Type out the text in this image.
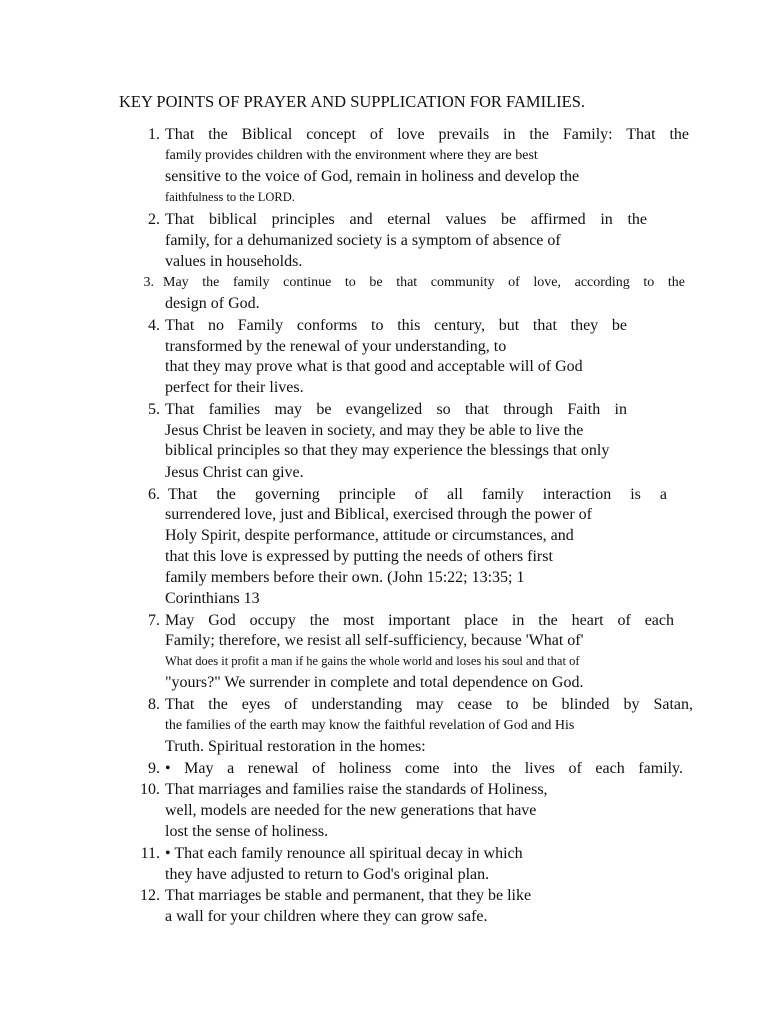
KEY POINTS OF PRAYER AND SUPPLICATION FOR FAMILIES.
1. That the Biblical concept of love prevails in the Family: That the
family provides children with the environment where they are best
sensitive to the voice of God, remain in holiness and develop the
faithfulness to the LORD.
2. That biblical principles and eternal values be affirmed in the
family, for a dehumanized society is a symptom of absence of
values in households.
3. May the family continue to be that community of love, according to the
design of God.
4. That no Family conforms to this century, but that they be
transformed by the renewal of your understanding, to
that they may prove what is that good and acceptable will of God
perfect for their lives.
5. That families may be evangelized so that through Faith in
Jesus Christ be leaven in society, and may they be able to live the
biblical principles so that they may experience the blessings that only
Jesus Christ can give.
6. That the governing principle of all family interaction is a
surrendered love, just and Biblical, exercised through the power of
Holy Spirit, despite performance, attitude or circumstances, and
that this love is expressed by putting the needs of others first
family members before their own. (John 15:22; 13:35; 1
Corinthians 13
7. May God occupy the most important place in the heart of each
Family; therefore, we resist all self-sufficiency, because 'What of'
What does it profit a man if he gains the whole world and loses his soul and that of
"yours?" We surrender in complete and total dependence on God.
8. That the eyes of understanding may cease to be blinded by Satan,
the families of the earth may know the faithful revelation of God and His
Truth. Spiritual restoration in the homes:
9. • May a renewal of holiness come into the lives of each family.
10. That marriages and families raise the standards of Holiness,
well, models are needed for the new generations that have
lost the sense of holiness.
11. • That each family renounce all spiritual decay in which
they have adjusted to return to God's original plan.
12. That marriages be stable and permanent, that they be like
a wall for your children where they can grow safe.
